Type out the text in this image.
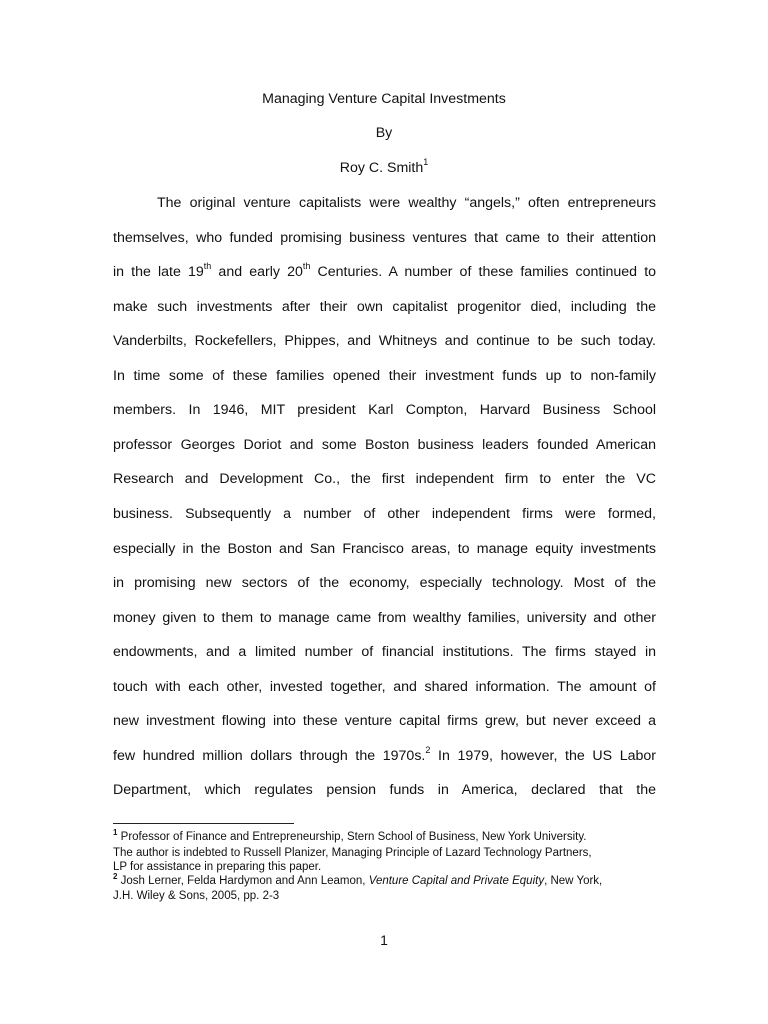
Managing Venture Capital Investments
By
Roy C. Smith$^1$
The original venture capitalists were wealthy “angels,” often entrepreneurs
themselves, who funded promising business ventures that came to their attention
in the late 19th and early 20th Centuries. A number of these families continued to
make such investments after their own capitalist progenitor died, including the
Vanderbilts, Rockefellers, Phippes, and Whitneys and continue to be such today.
In time some of these families opened their investment funds up to non-family
members. In 1946, MIT president Karl Compton, Harvard Business School
professor Georges Doriot and some Boston business leaders founded American
Research and Development Co., the first independent firm to enter the VC
business. Subsequently a number of other independent firms were formed,
especially in the Boston and San Francisco areas, to manage equity investments
in promising new sectors of the economy, especially technology. Most of the
money given to them to manage came from wealthy families, university and other
endowments, and a limited number of financial institutions. The firms stayed in
touch with each other, invested together, and shared information. The amount of
new investment flowing into these venture capital firms grew, but never exceed a
few hundred million dollars through the 1970s.$^2$ In 1979, however, the US Labor
Department, which regulates pension funds in America, declared that the
$^1$ Professor of Finance and Entrepreneurship, Stern School of Business, New York University.
The author is indebted to Russell Planizer, Managing Principle of Lazard Technology Partners,
LP for assistance in preparing this paper.
$^2$ Josh Lerner, Felda Hardymon and Ann Leamon, Venture Capital and Private Equity, New York,
J.H. Wiley & Sons, 2005, pp. 2-3
1
